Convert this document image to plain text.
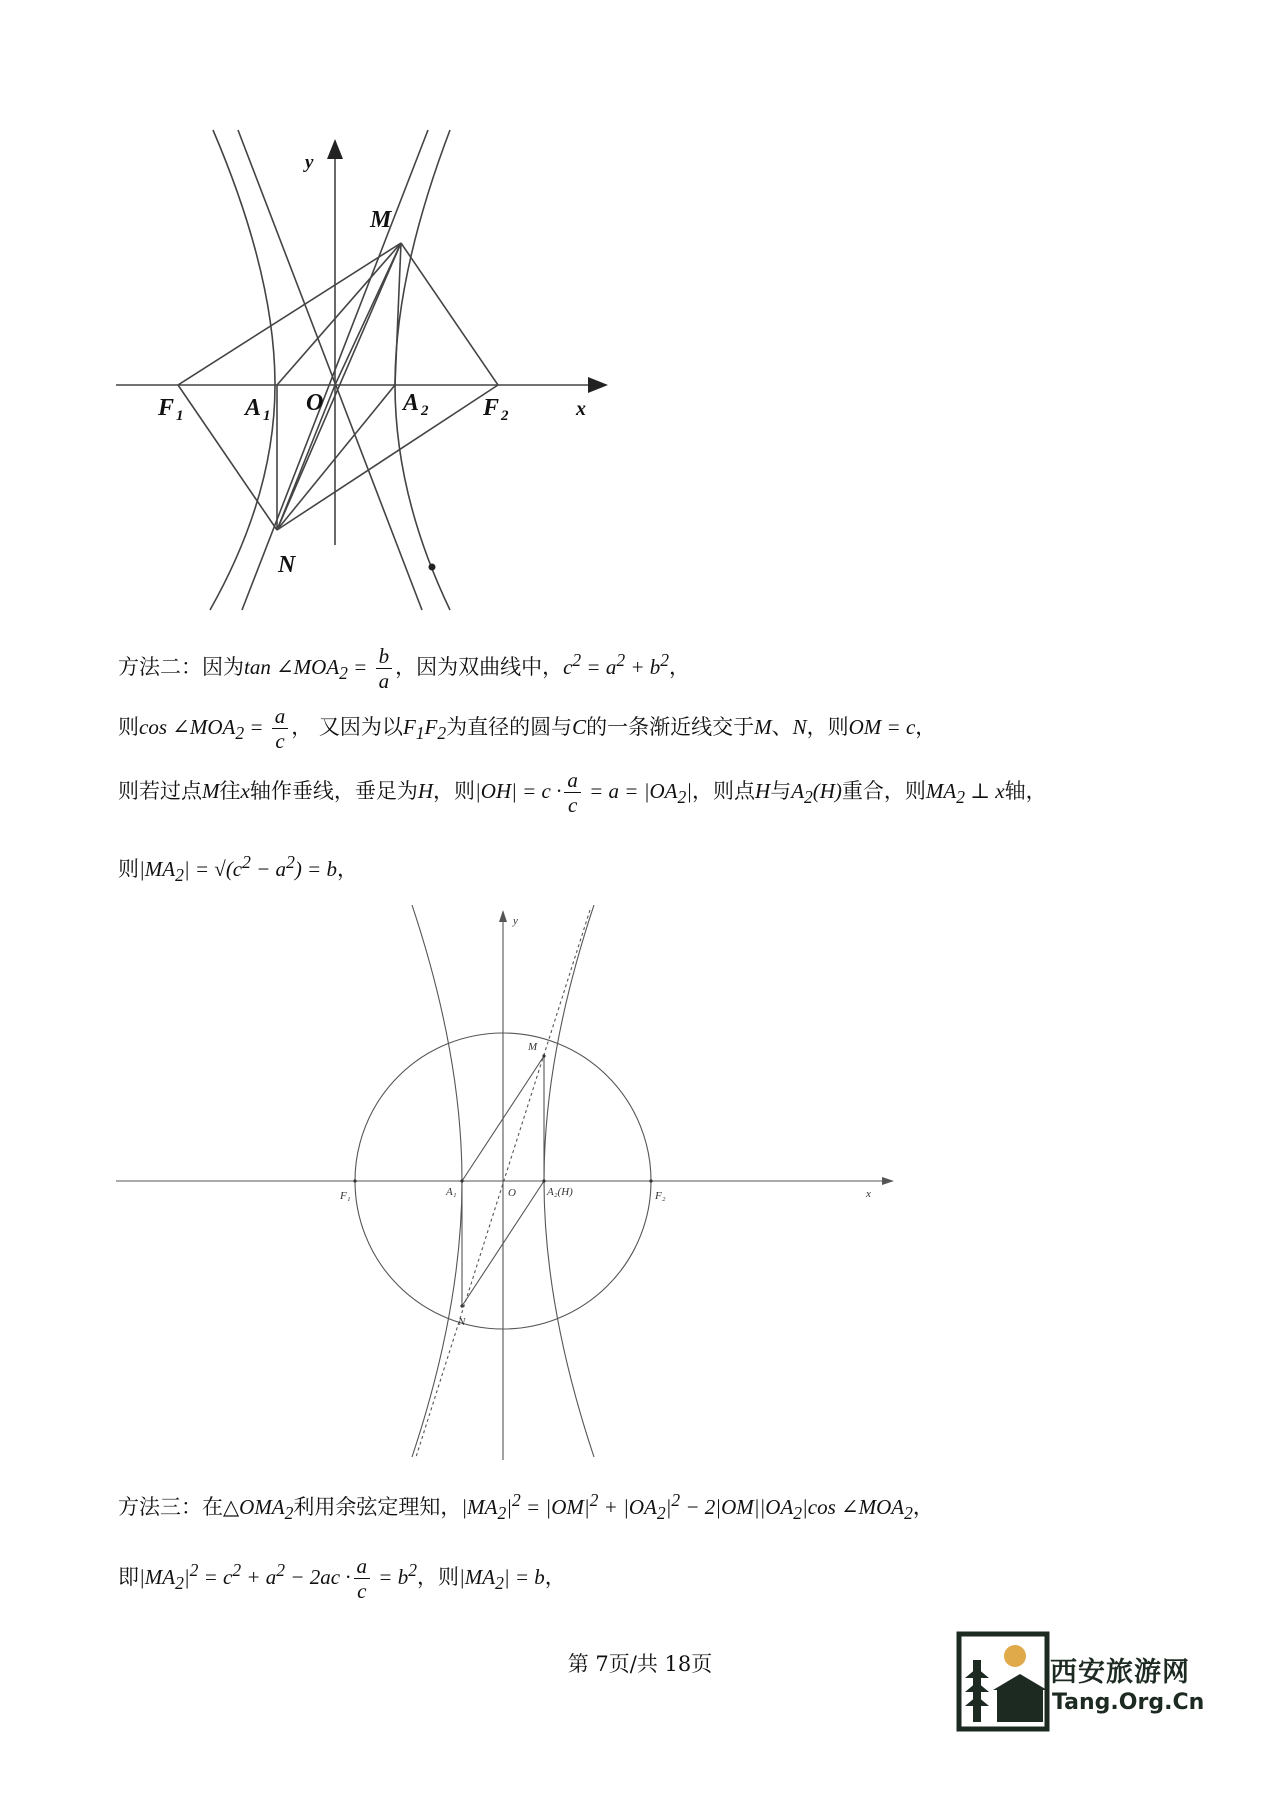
y
M
N
O
F 1	A 1	A 2 F 2	x
方法二：因为$\tan \angle MOA_2 = \frac{b}{a}$ ，因为双曲线中，$c^2 = a^2 + b^2$，
则$\cos \angle MOA_2 = \frac{a}{c}$ ， 又因为以$F_1F_2$为直径的圆与C的一条渐近线交于M、N，则OM = c，
则若过点M往x轴作垂线，垂足为H，则$|OH| = c \cdot \frac{a}{c} = a = |OA_2|$，则点H与$A_2(H)$重合，则$MA_2$ ⊥ x轴，
则$|MA_2| = √(c^2 - a^2) = b$，
y
M
N
O
F₁	A₁	A₂(H)	F₂	x
方法三：在$\triangle OMA_2$利用余弦定理知，$|MA_2|^2 = |OM|^2 + |OA_2|^2 - 2|OM||OA_2|\cos$ $\angle MOA_2$，
即$|MA_2|^2 = c^2 + a^2 - 2ac \cdot \frac{a}{c} = b^2$，则$|MA_2| = b$，
第 7页/共 18页	西安旅游网
Tang.Org.Cn
